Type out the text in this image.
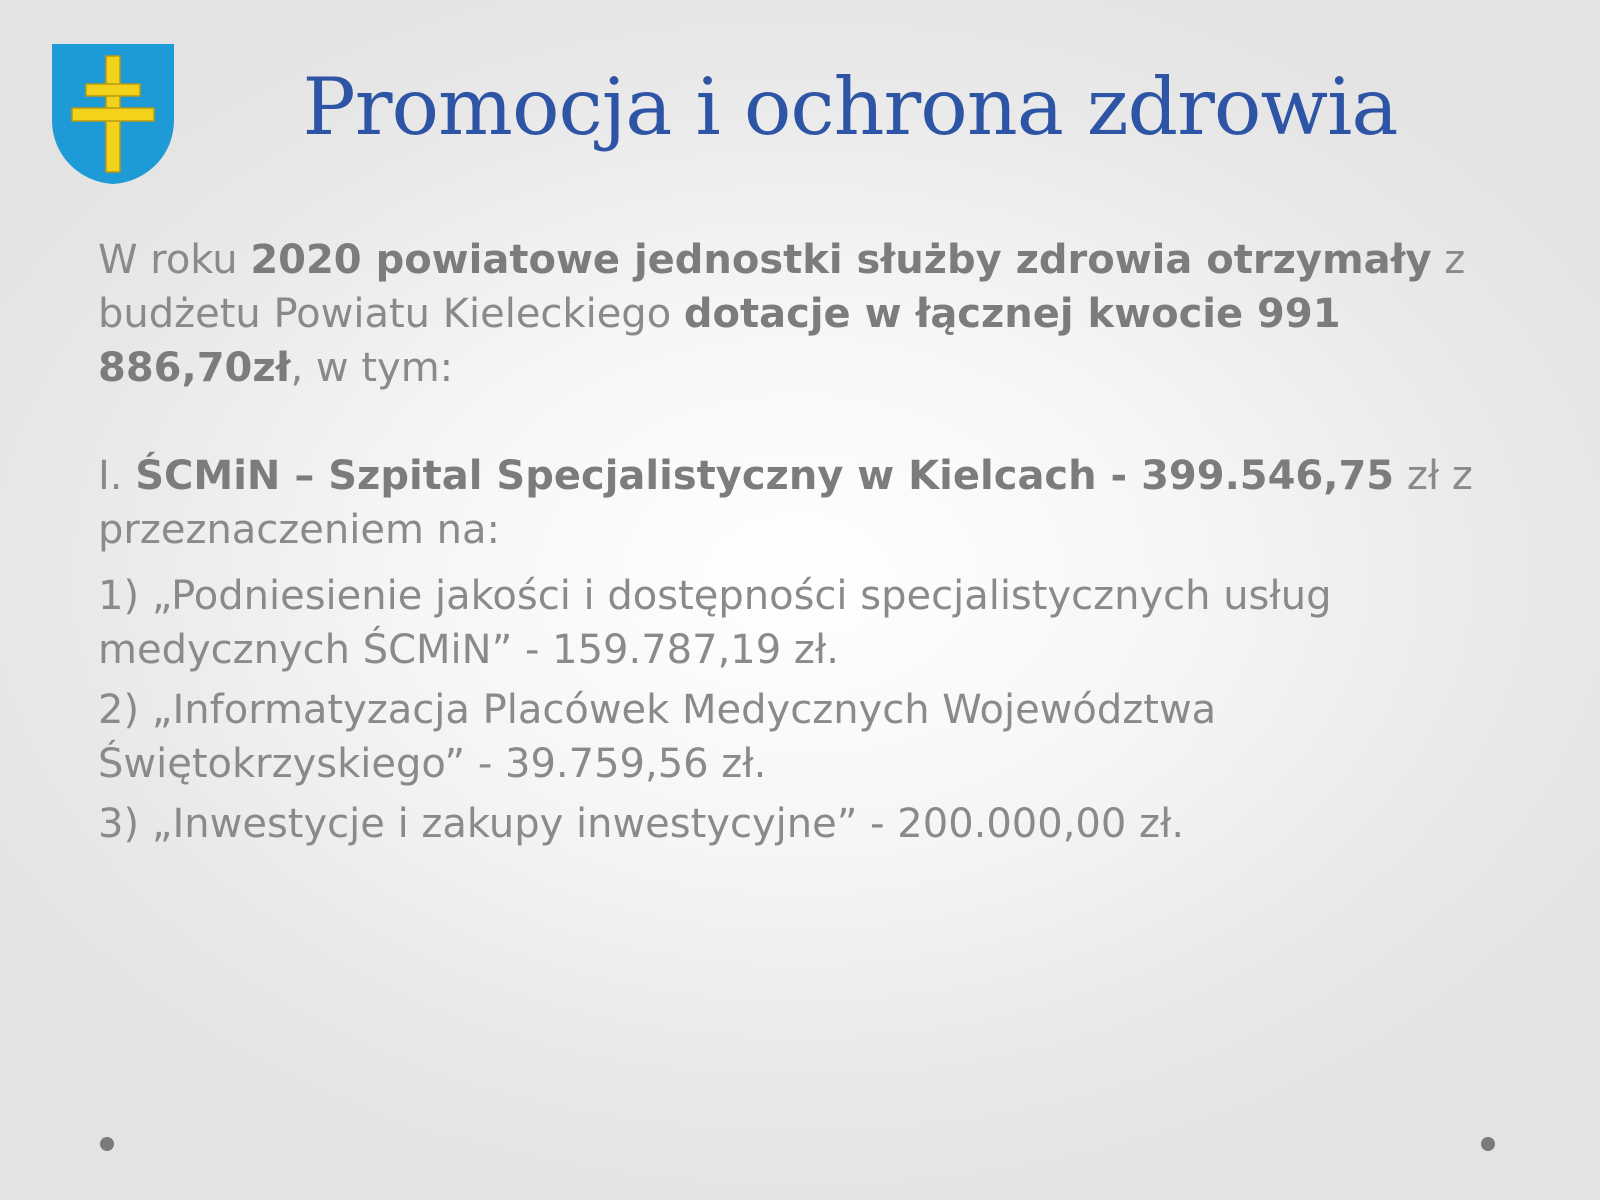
Promocja i ochrona zdrowia

W roku 2020 powiatowe jednostki służby zdrowia otrzymały z budżetu Powiatu Kieleckiego dotacje w łącznej kwocie 991 886,70zł, w tym:

I. ŚCMiN – Szpital Specjalistyczny w Kielcach - 399.546,75 zł z przeznaczeniem na:

1) „Podniesienie jakości i dostępności specjalistycznych usług medycznych ŚCMiN” - 159.787,19 zł.

2) „Informatyzacja Placówek Medycznych Województwa Świętokrzyskiego” - 39.759,56 zł.

3) „Inwestycje i zakupy inwestycyjne” - 200.000,00 zł.
